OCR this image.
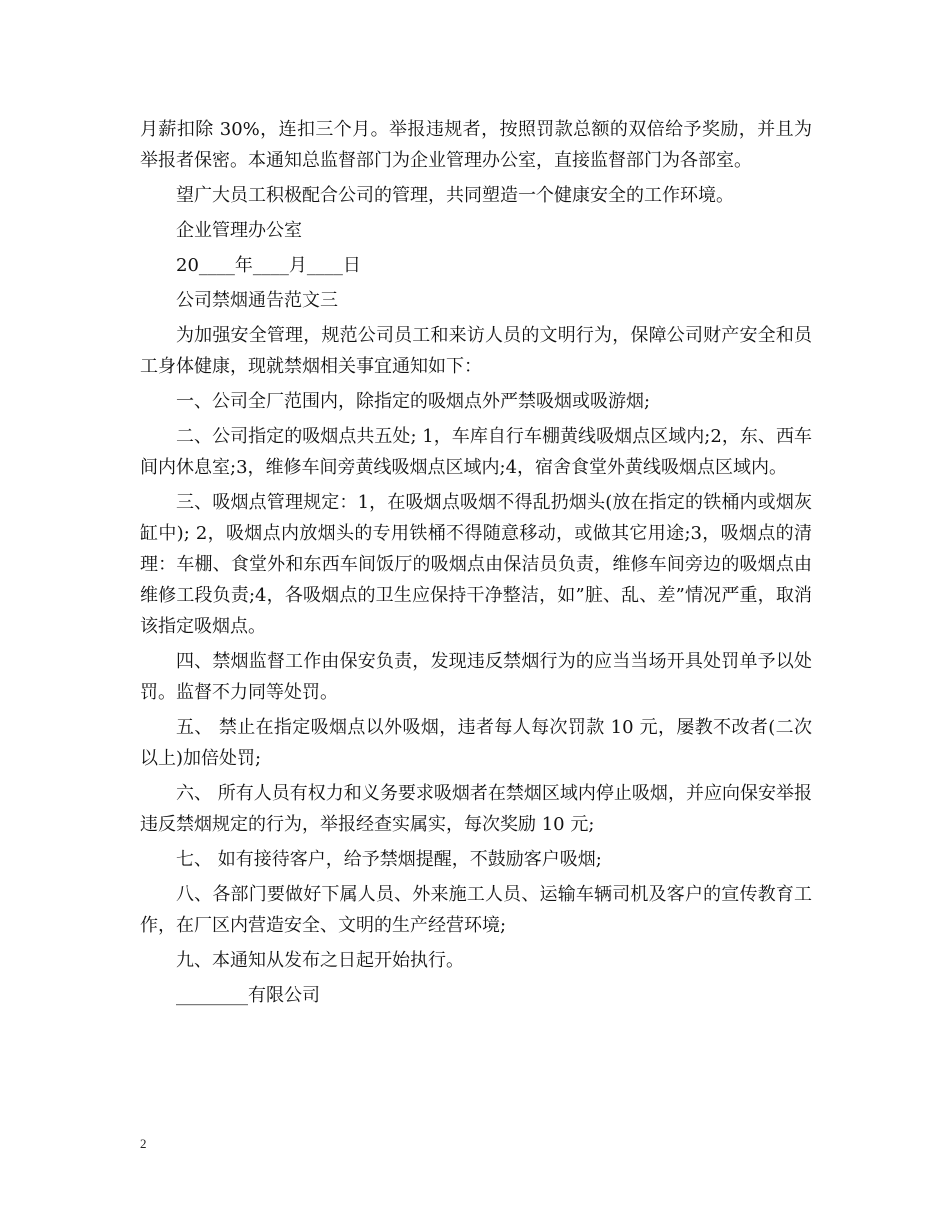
月薪扣除 30%，连扣三个月。举报违规者，按照罚款总额的双倍给予奖励，并且为举报者保密。本通知总监督部门为企业管理办公室，直接监督部门为各部室。

望广大员工积极配合公司的管理，共同塑造一个健康安全的工作环境。

企业管理办公室

20____年____月____日

公司禁烟通告范文三

为加强安全管理，规范公司员工和来访人员的文明行为，保障公司财产安全和员工身体健康，现就禁烟相关事宜通知如下：

一、公司全厂范围内，除指定的吸烟点外严禁吸烟或吸游烟;

二、公司指定的吸烟点共五处; 1，车库自行车棚黄线吸烟点区域内;2，东、西车间内休息室;3，维修车间旁黄线吸烟点区域内;4，宿舍食堂外黄线吸烟点区域内。

三、吸烟点管理规定：1，在吸烟点吸烟不得乱扔烟头(放在指定的铁桶内或烟灰缸中); 2，吸烟点内放烟头的专用铁桶不得随意移动，或做其它用途;3，吸烟点的清理：车棚、食堂外和东西车间饭厅的吸烟点由保洁员负责，维修车间旁边的吸烟点由维修工段负责;4，各吸烟点的卫生应保持干净整洁，如”脏、乱、差”情况严重，取消该指定吸烟点。

四、禁烟监督工作由保安负责，发现违反禁烟行为的应当当场开具处罚单予以处罚。监督不力同等处罚。

五、 禁止在指定吸烟点以外吸烟，违者每人每次罚款 10 元，屡教不改者(二次以上)加倍处罚;

六、 所有人员有权力和义务要求吸烟者在禁烟区域内停止吸烟，并应向保安举报违反禁烟规定的行为，举报经查实属实，每次奖励 10 元;

七、 如有接待客户，给予禁烟提醒，不鼓励客户吸烟;

八、各部门要做好下属人员、外来施工人员、运输车辆司机及客户的宣传教育工作，在厂区内营造安全、文明的生产经营环境;

九、本通知从发布之日起开始执行。

________有限公司

2
